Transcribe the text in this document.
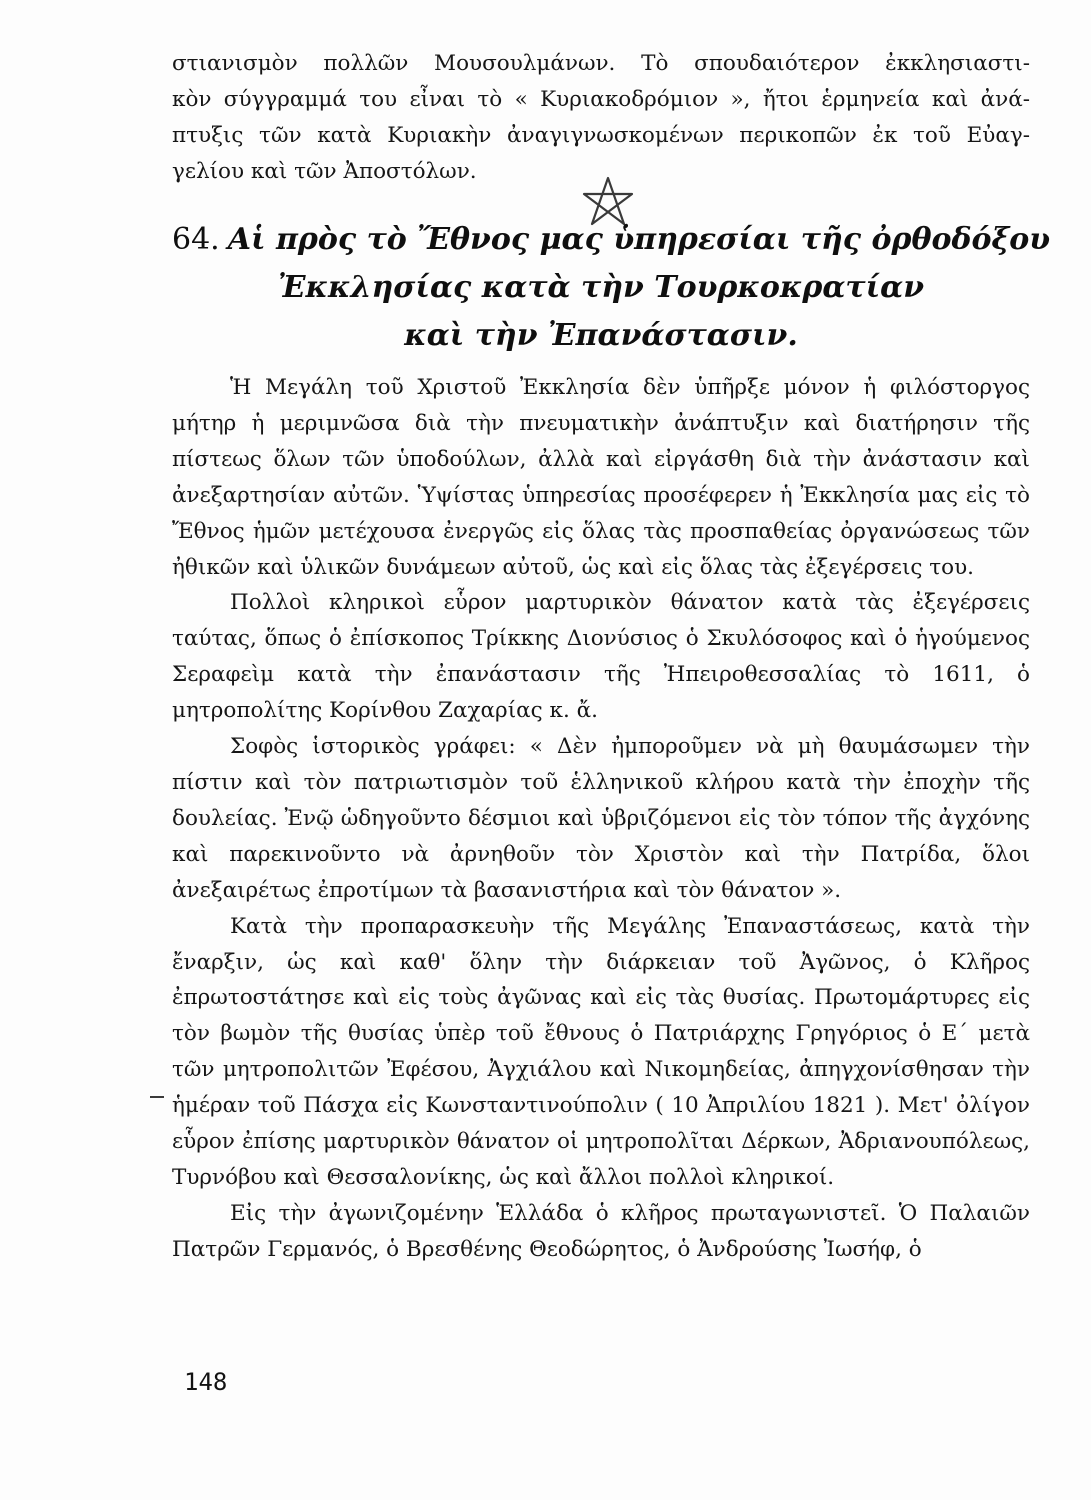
στιανισμὸν πολλῶν Μουσουλμάνων. Τὸ σπουδαιότερον ἐκκλησιαστι-
κὸν σύγγραμμά του εἶναι τὸ « Κυριακοδρόμιον », ἤτοι ἑρμηνεία καὶ ἀνά-
πτυξις τῶν κατὰ Κυριακὴν ἀναγιγνωσκομένων περικοπῶν ἐκ τοῦ Εὐαγ-
γελίου καὶ τῶν Ἀποστόλων.
64. Αἱ πρὸς τὸ Ἔθνος μας ὑπηρεσίαι τῆς ὀρθοδόξου
Ἐκκλησίας κατὰ τὴν Τουρκοκρατίαν
καὶ τὴν Ἐπανάστασιν.

Ἡ Μεγάλη τοῦ Χριστοῦ Ἐκκλησία δὲν ὑπῆρξε μόνον ἡ φιλόστοργος μήτηρ ἡ μεριμνῶσα διὰ τὴν πνευματικὴν ἀνάπτυξιν καὶ διατήρησιν τῆς πίστεως ὅλων τῶν ὑποδούλων, ἀλλὰ καὶ εἰργάσθη διὰ τὴν ἀνάστασιν καὶ ἀνεξαρτησίαν αὐτῶν. Ὑψίστας ὑπηρεσίας προσέφερεν ἡ Ἐκκλησία μας εἰς τὸ Ἔθνος ἡμῶν μετέχουσα ἐνεργῶς εἰς ὅλας τὰς προσπαθείας ὀργανώσεως τῶν ἠθικῶν καὶ ὑλικῶν δυνάμεων αὐτοῦ, ὡς καὶ εἰς ὅλας τὰς ἐξεγέρσεις του.

Πολλοὶ κληρικοὶ εὗρον μαρτυρικὸν θάνατον κατὰ τὰς ἐξεγέρσεις ταύτας, ὅπως ὁ ἐπίσκοπος Τρίκκης Διονύσιος ὁ Σκυλόσοφος καὶ ὁ ἡγούμενος Σεραφεὶμ κατὰ τὴν ἐπανάστασιν τῆς Ἠπειροθεσσαλίας τὸ 1611, ὁ μητροπολίτης Κορίνθου Ζαχαρίας κ. ἄ.

Σοφὸς ἱστορικὸς γράφει: « Δὲν ἠμποροῦμεν νὰ μὴ θαυμάσωμεν τὴν πίστιν καὶ τὸν πατριωτισμὸν τοῦ ἑλληνικοῦ κλήρου κατὰ τὴν ἐποχὴν τῆς δουλείας. Ἐνῷ ὡδηγοῦντο δέσμιοι καὶ ὑβριζόμενοι εἰς τὸν τόπον τῆς ἀγχόνης καὶ παρεκινοῦντο νὰ ἀρνηθοῦν τὸν Χριστὸν καὶ τὴν Πατρίδα, ὅλοι ἀνεξαιρέτως ἐπροτίμων τὰ βασανιστήρια καὶ τὸν θάνατον ».

Κατὰ τὴν προπαρασκευὴν τῆς Μεγάλης Ἐπαναστάσεως, κατὰ τὴν ἔναρξιν, ὡς καὶ καθ' ὅλην τὴν διάρκειαν τοῦ Ἀγῶνος, ὁ Κλῆρος ἐπρωτοστάτησε καὶ εἰς τοὺς ἀγῶνας καὶ εἰς τὰς θυσίας. Πρωτομάρτυρες εἰς τὸν βωμὸν τῆς θυσίας ὑπὲρ τοῦ ἔθνους ὁ Πατριάρχης Γρηγόριος ὁ Ε΄ μετὰ τῶν μητροπολιτῶν Ἐφέσου, Ἀγχιάλου καὶ Νικομηδείας, ἀπηγχονίσθησαν τὴν ἡμέραν τοῦ Πάσχα εἰς Κωνσταντινούπολιν ( 10 Ἀπριλίου 1821 ). Μετ' ὀλίγον εὗρον ἐπίσης μαρτυρικὸν θάνατον οἱ μητροπολῖται Δέρκων, Ἀδριανουπόλεως, Τυρνόβου καὶ Θεσσαλονίκης, ὡς καὶ ἄλλοι πολλοὶ κληρικοί.

Εἰς τὴν ἀγωνιζομένην Ἑλλάδα ὁ κλῆρος πρωταγωνιστεῖ. Ὁ Παλαιῶν Πατρῶν Γερμανός, ὁ Βρεσθένης Θεοδώρητος, ὁ Ἀνδρούσης Ἰωσήφ, ὁ

148
